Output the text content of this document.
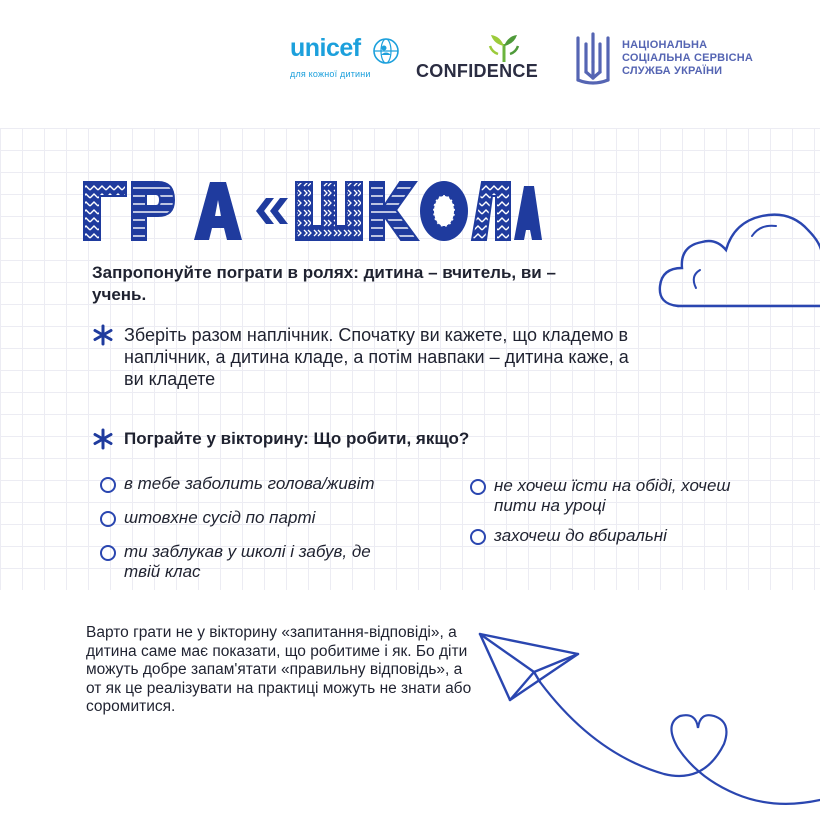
unicef
для кожної дитини	CONFIDENCE
НАЦІОНАЛЬНА
СОЦІАЛЬНА СЕРВІСНА
СЛУЖБА УКРАЇНИ
Запропонуйте пограти в ролях: дитина – вчитель, ви – учень.
Зберіть разом наплічник. Спочатку ви кажете, що кладемо в наплічник, а дитина кладе, а потім навпаки – дитина каже, а ви кладете
Пограйте у вікторину: Що робити, якщо?
в тебе заболить голова/живіт
штовхне сусід по парті
ти заблукав у школі і забув, де твій клас
не хочеш їсти на обіді, хочеш пити на уроці
захочеш до вбиральні
Варто грати не у вікторину «запитання-відповіді», а дитина саме має показати, що робитиме і як. Бо діти можуть добре запам'ятати «правильну відповідь», а от як це реалізувати на практиці можуть не знати або соромитися.
